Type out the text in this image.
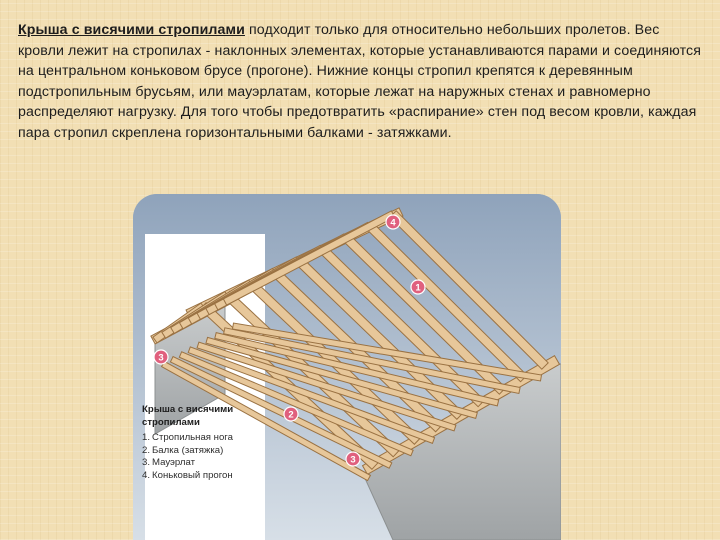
Крыша с висячими стропилами подходит только для относительно небольших пролетов. Вес кровли лежит на стропилах - наклонных элементах, которые устанавливаются парами и соединяются на центральном коньковом брусе (прогоне). Нижние концы стропил крепятся к деревянным подстропильным брусьям, или мауэрлатам, которые лежат на наружных стенах и равномерно распределяют нагрузку. Для того чтобы предотвратить «распирание» стен под весом кровли, каждая пара стропил скреплена горизонтальными балками - затяжками.
4
1
3
2
3
Крыша с висячими
стропилами
1. Стропильная нога
2. Балка (затяжка)
3. Мауэрлат
4. Коньковый прогон
